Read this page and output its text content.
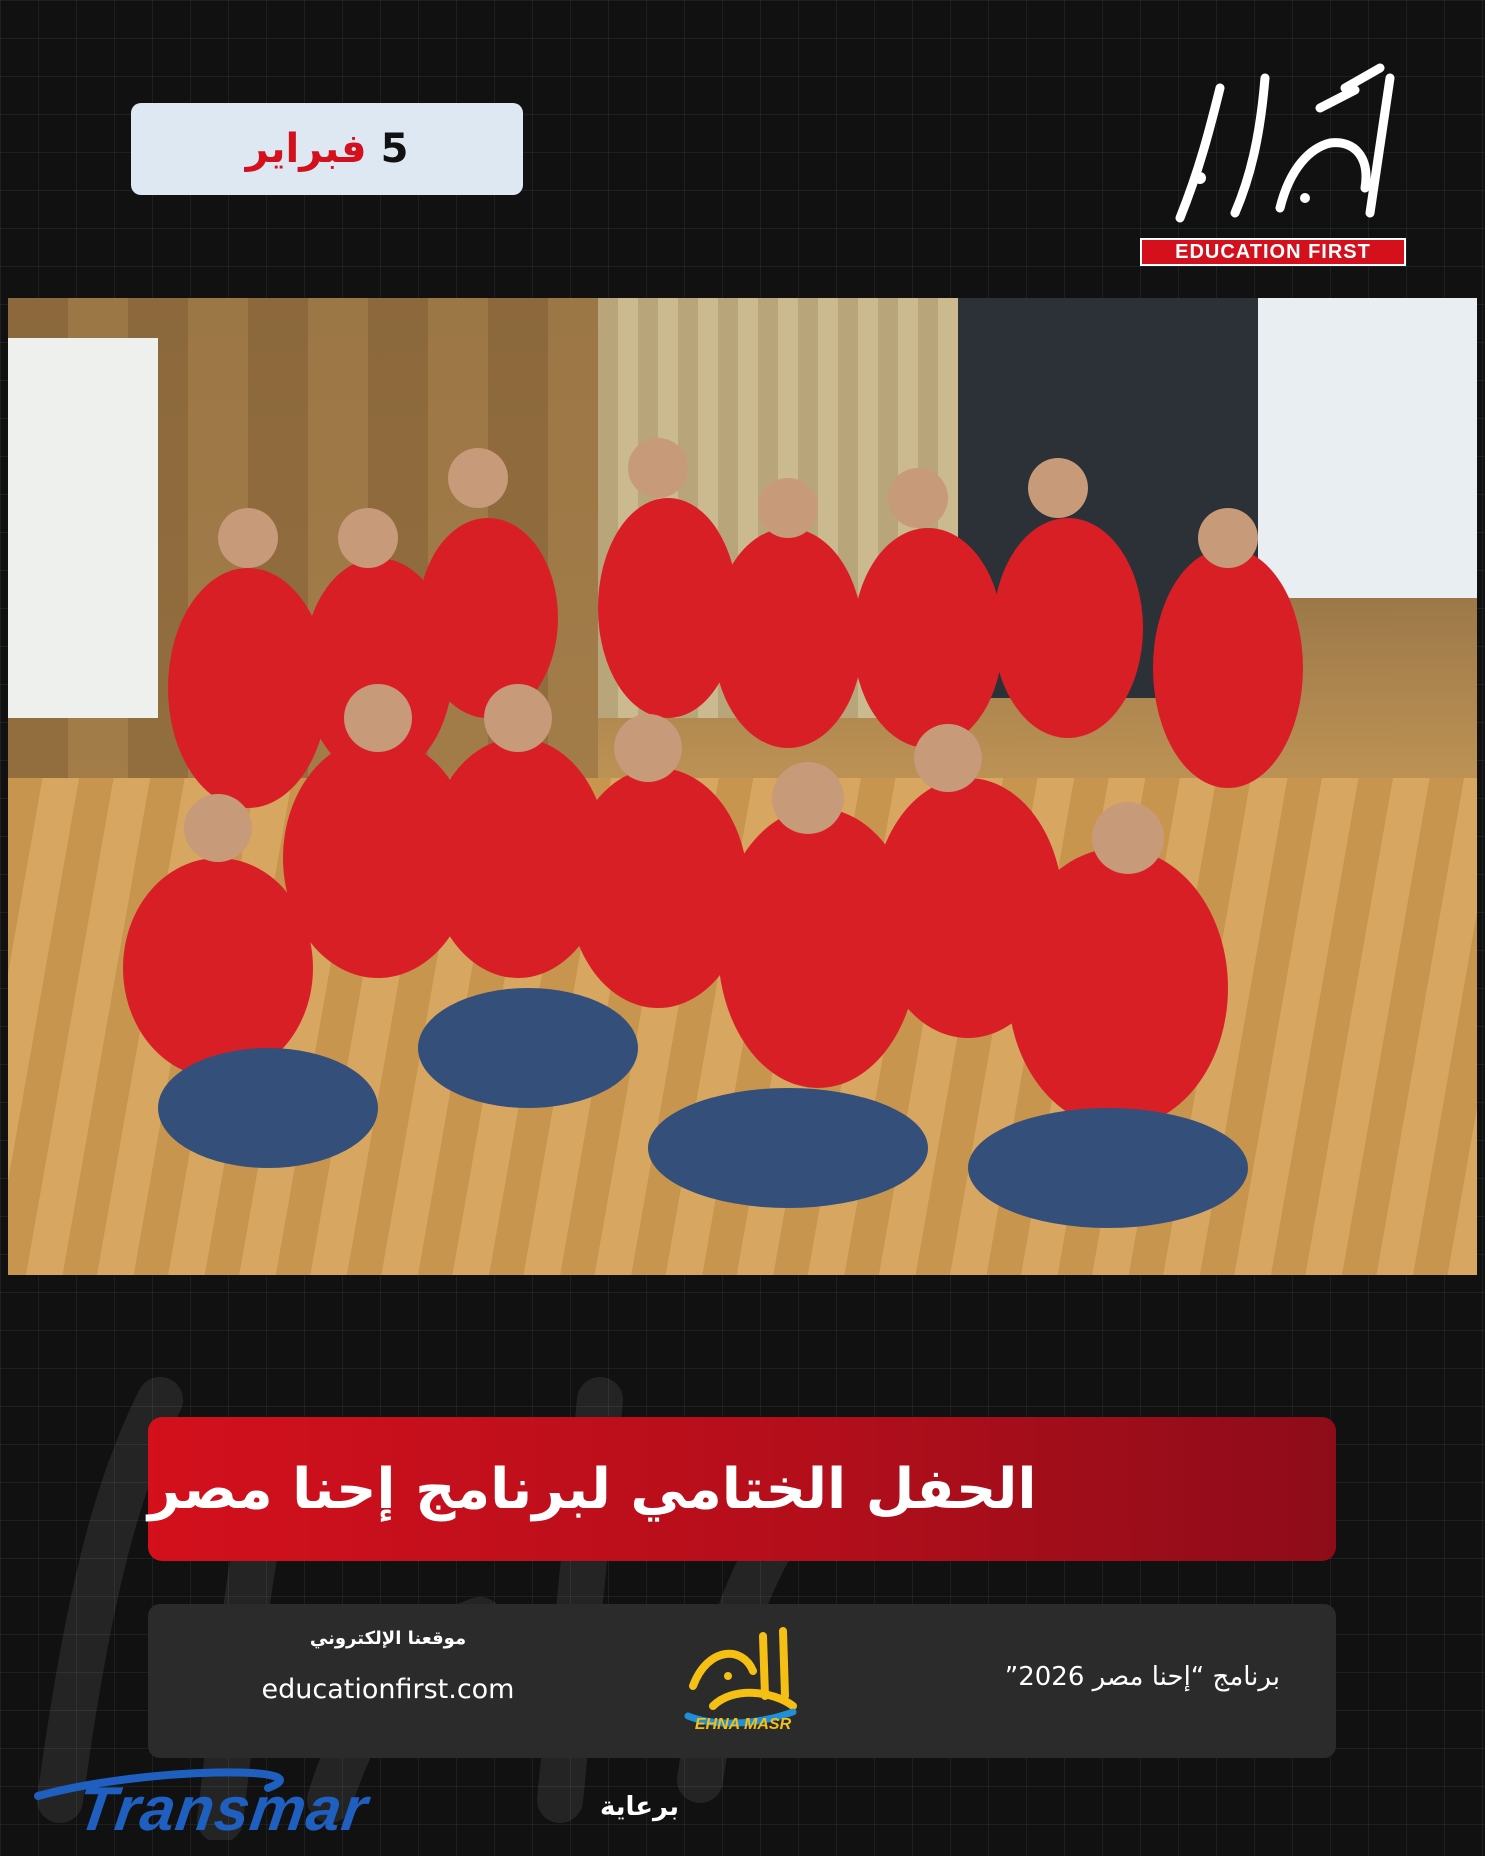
5
فبراير
EDUCATION FIRST
الحفل الختامي لبرنامج إحنا مصر
موقعنا الإلكتروني
educationfirst.com
EHNA MASR
برنامج “إحنا مصر 2026”
Transmar	برعاية
